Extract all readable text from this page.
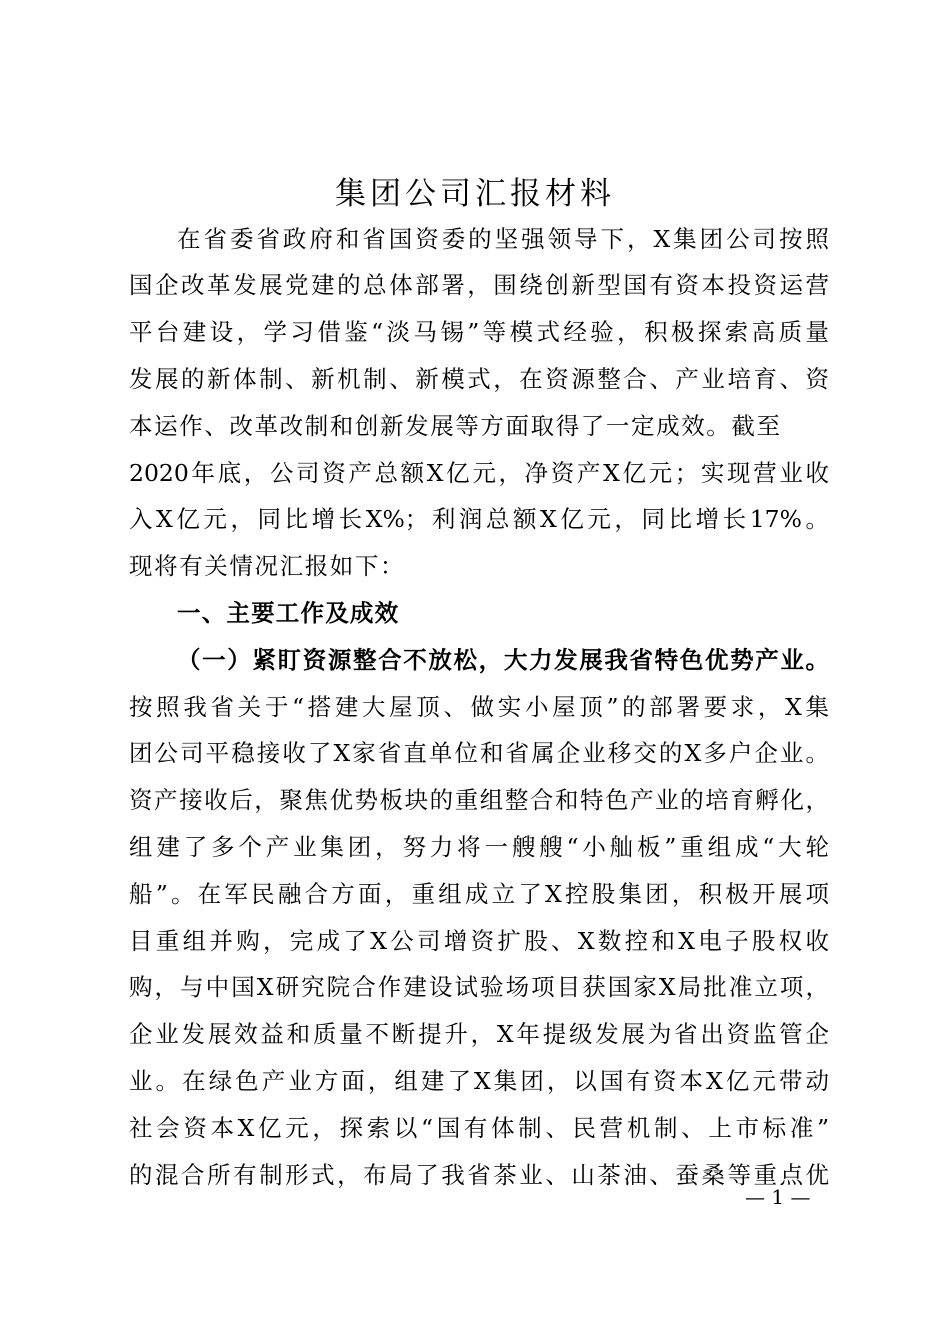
集团公司汇报材料
在省委省政府和省国资委的坚强领导下，X集团公司按照
国企改革发展党建的总体部署，围绕创新型国有资本投资运营
平台建设，学习借鉴“淡马锡”等模式经验，积极探索高质量
发展的新体制、新机制、新模式，在资源整合、产业培育、资
本运作、改革改制和创新发展等方面取得了一定成效。截至
2020年底，公司资产总额X亿元，净资产X亿元；实现营业收
入X亿元，同比增长X%；利润总额X亿元，同比增长17%。
现将有关情况汇报如下：
一、主要工作及成效
（一）紧盯资源整合不放松，大力发展我省特色优势产业。
按照我省关于“搭建大屋顶、做实小屋顶”的部署要求，X集
团公司平稳接收了X家省直单位和省属企业移交的X多户企业。
资产接收后，聚焦优势板块的重组整合和特色产业的培育孵化，
组建了多个产业集团，努力将一艘艘“小舢板”重组成“大轮
船”。在军民融合方面，重组成立了X控股集团，积极开展项
目重组并购，完成了X公司增资扩股、X数控和X电子股权收
购，与中国X研究院合作建设试验场项目获国家X局批准立项，
企业发展效益和质量不断提升，X年提级发展为省出资监管企
业。在绿色产业方面，组建了X集团，以国有资本X亿元带动
社会资本X亿元，探索以“国有体制、民营机制、上市标准”
的混合所有制形式，布局了我省茶业、山茶油、蚕桑等重点优
— 1 —
